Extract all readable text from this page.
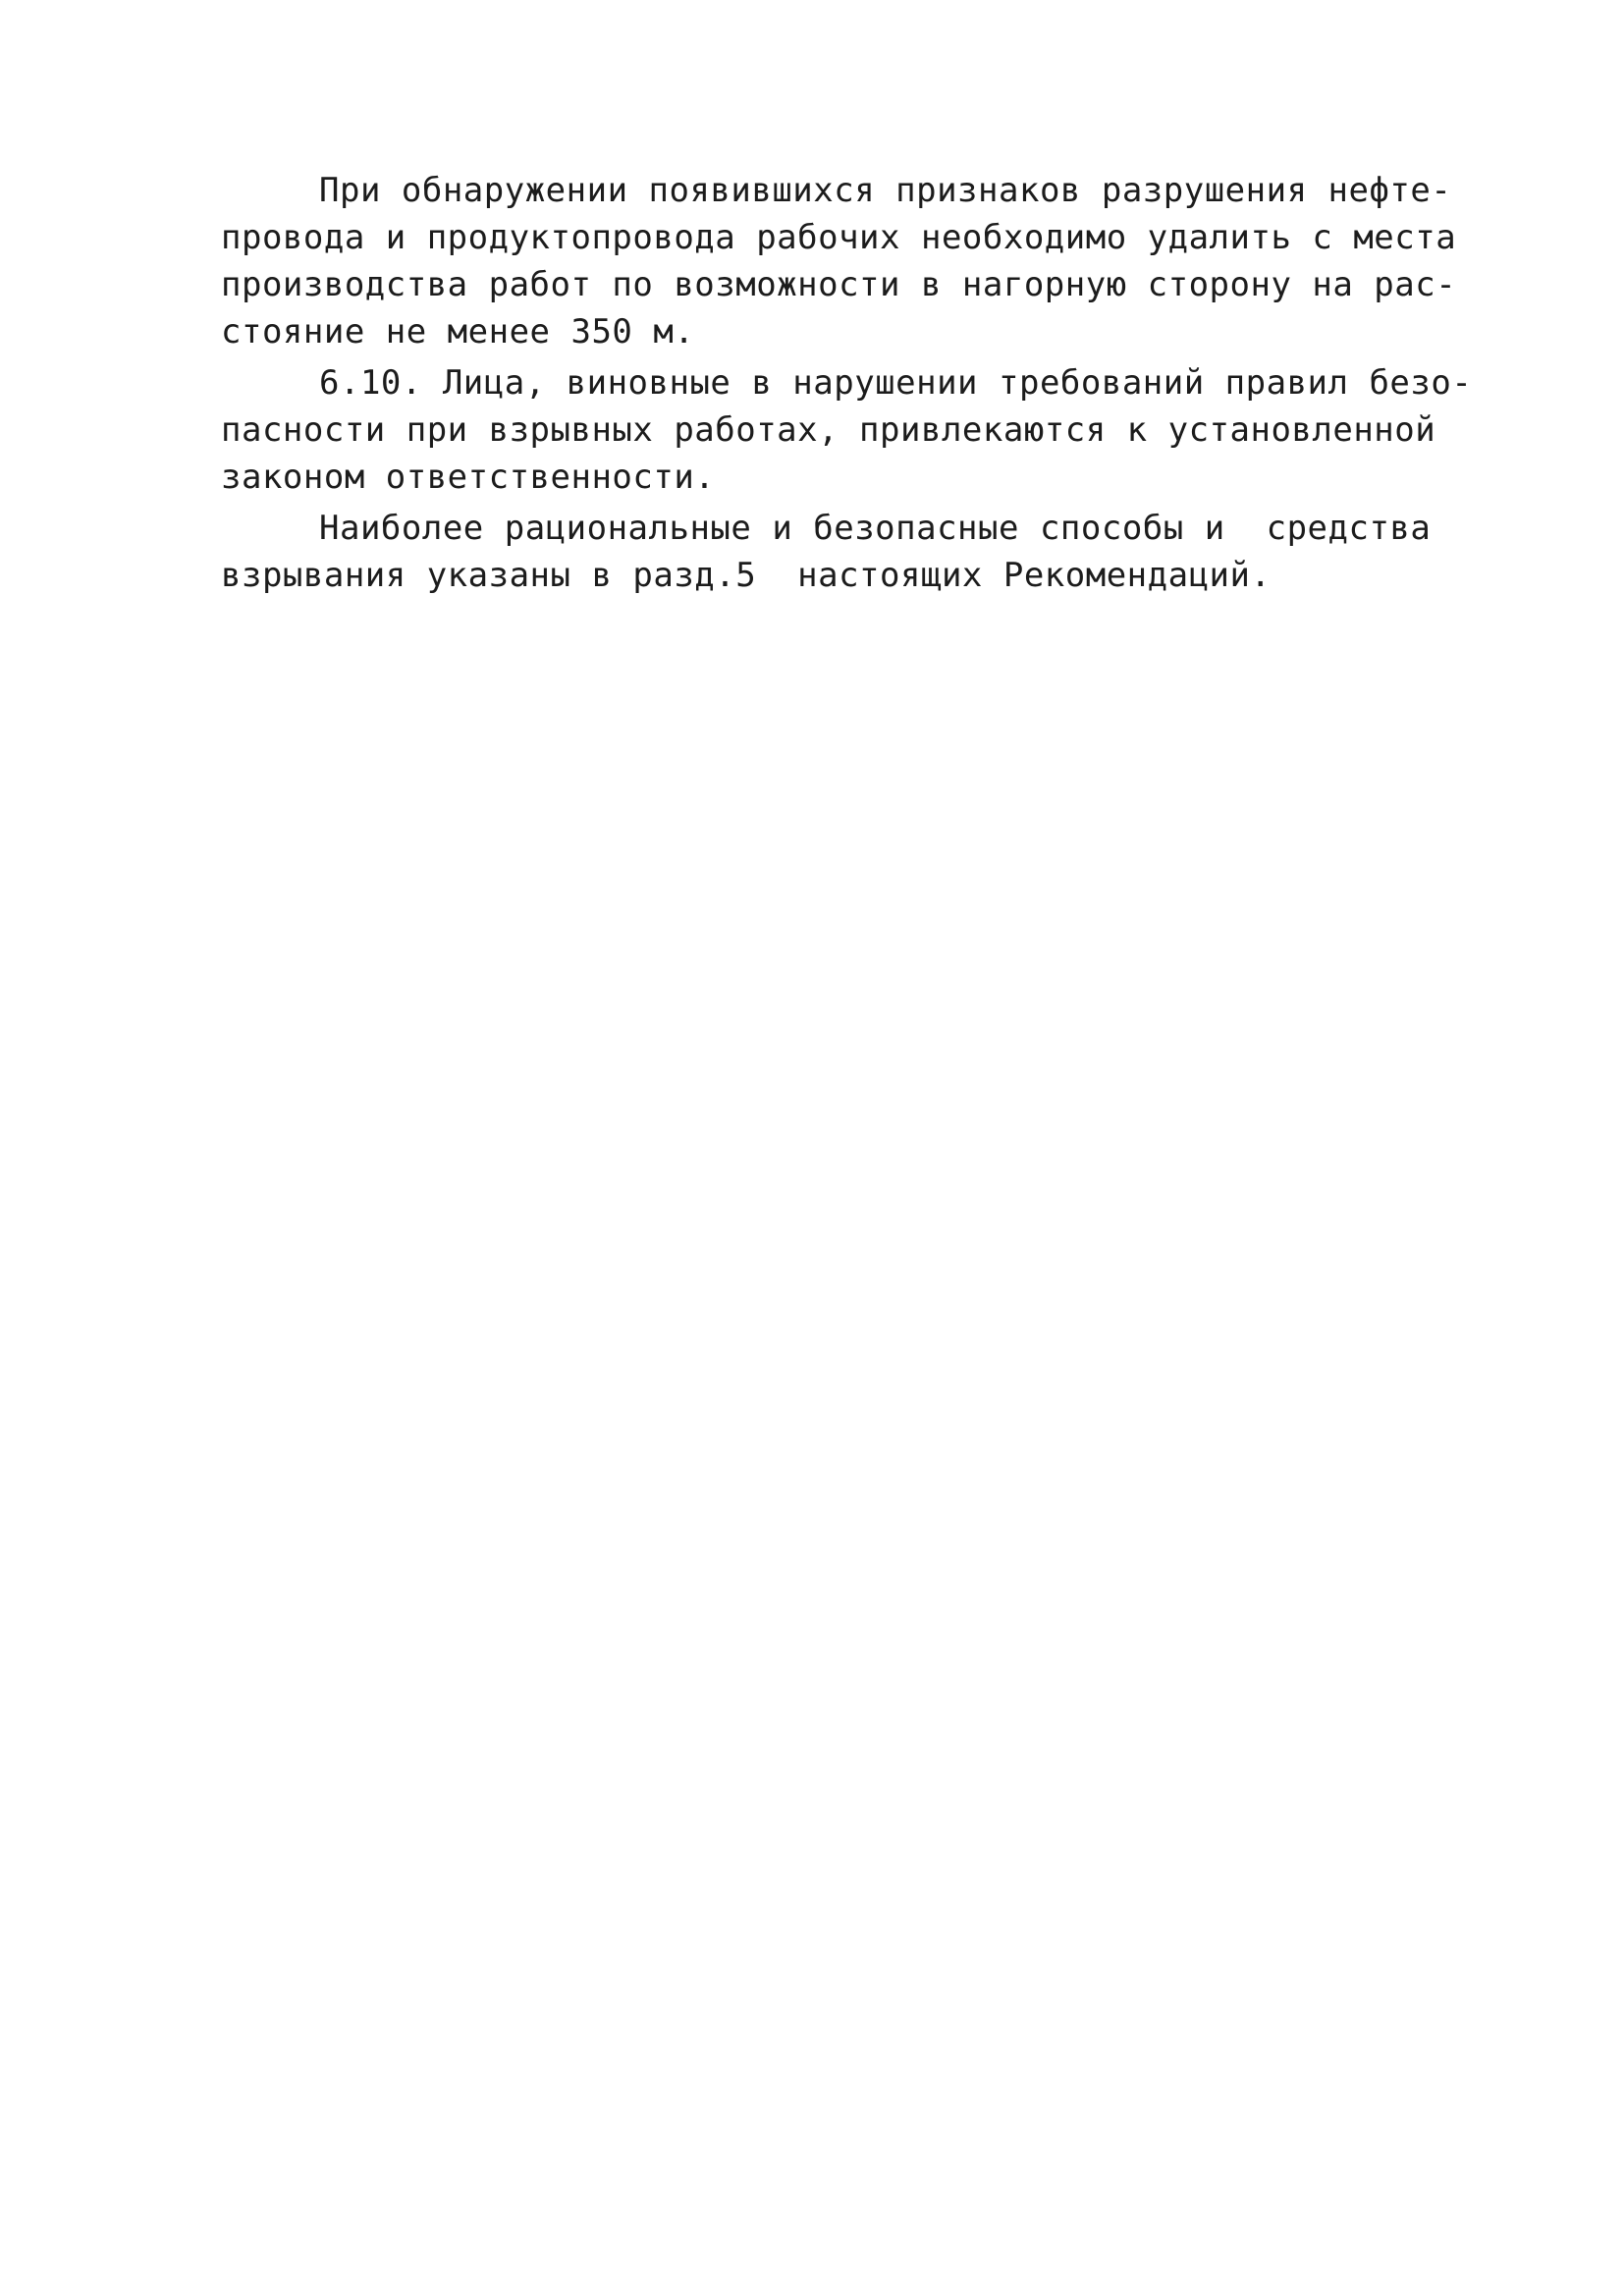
При обнаружении появившихся признаков разрушения нефте-

провода и продуктопровода рабочих необходимо удалить с места

производства работ по возможности в нагорную сторону на рас-

стояние не менее 350 м.

6.10. Лица, виновные в нарушении требований правил безо-

пасности при взрывных работах, привлекаются к установленной

законом ответственности.

Наиболее рациональные и безопасные способы и  средства

взрывания указаны в разд.5  настоящих Рекомендаций.
